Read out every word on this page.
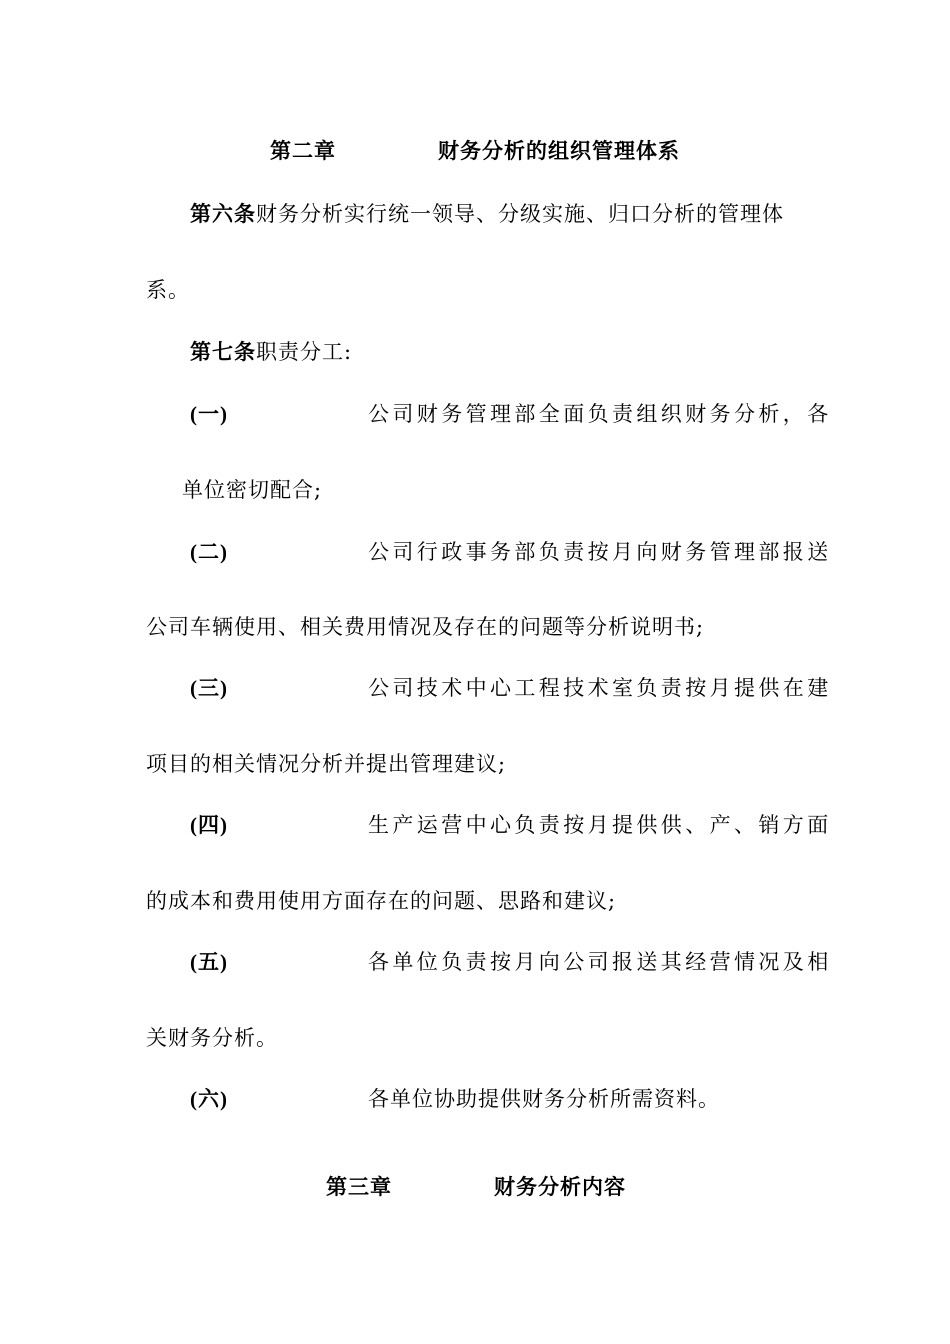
第二章	财务分析的组织管理体系
第六条财务分析实行统一领导、分级实施、归口分析的管理体
系。
第七条职责分工:
(一)	公司财务管理部全面负责组织财务分析，各
单位密切配合;
(二)	公司行政事务部负责按月向财务管理部报送
公司车辆使用、相关费用情况及存在的问题等分析说明书;
(三)	公司技术中心工程技术室负责按月提供在建
项目的相关情况分析并提出管理建议;
(四)	生产运营中心负责按月提供供、产、销方面
的成本和费用使用方面存在的问题、思路和建议;
(五)	各单位负责按月向公司报送其经营情况及相
关财务分析。
(六)	各单位协助提供财务分析所需资料。
第三章	财务分析内容
